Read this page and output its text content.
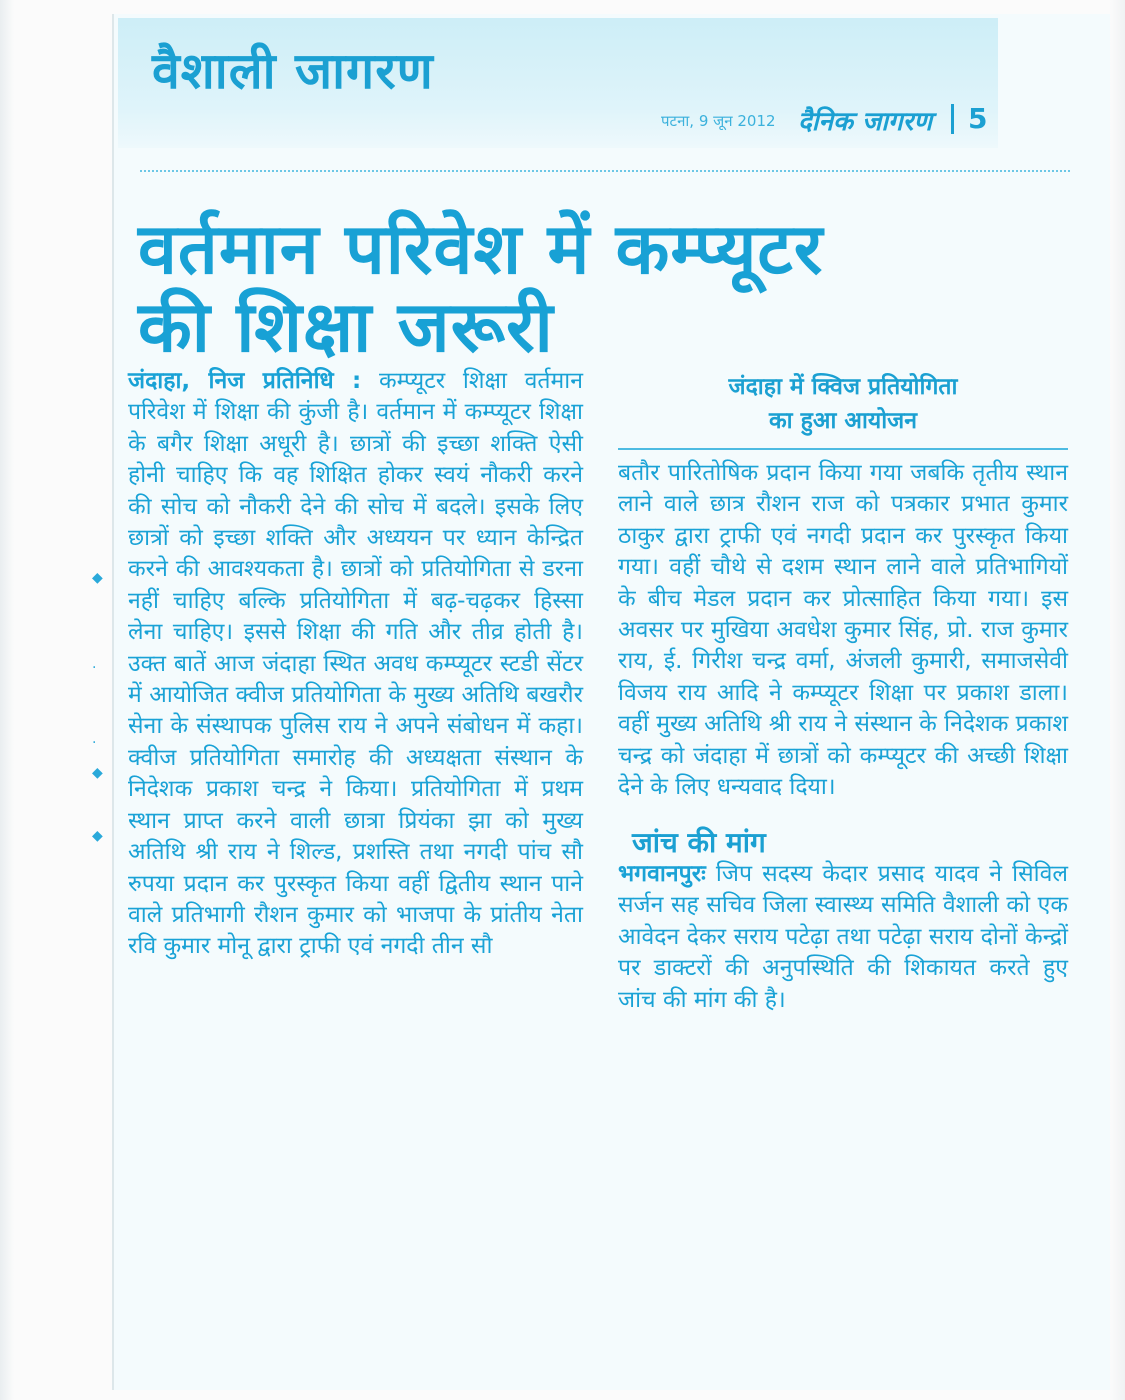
वैशाली जागरण
पटना, 9 जून 2012 दैनिक जागरण 5
◆
·
·
◆
◆
वर्तमान परिवेश में कम्प्यूटर
की शिक्षा जरूरी
जंदाहा, निज प्रतिनिधि : कम्प्यूटर शिक्षा वर्तमान परिवेश में शिक्षा की कुंजी है। वर्तमान में कम्प्यूटर शिक्षा के बगैर शिक्षा अधूरी है। छात्रों की इच्छा शक्ति ऐसी होनी चाहिए कि वह शिक्षित होकर स्वयं नौकरी करने की सोच को नौकरी देने की सोच में बदले। इसके लिए छात्रों को इच्छा शक्ति और अध्ययन पर ध्यान केन्द्रित करने की आवश्यकता है। छात्रों को प्रतियोगिता से डरना नहीं चाहिए बल्कि प्रतियोगिता में बढ़-चढ़कर हिस्सा लेना चाहिए। इससे शिक्षा की गति और तीव्र होती है। उक्त बातें आज जंदाहा स्थित अवध कम्प्यूटर स्टडी सेंटर में आयोजित क्वीज प्रतियोगिता के मुख्य अतिथि बखरौर सेना के संस्थापक पुलिस राय ने अपने संबोधन में कहा। क्वीज प्रतियोगिता समारोह की अध्यक्षता संस्थान के निदेशक प्रकाश चन्द्र ने किया। प्रतियोगिता में प्रथम स्थान प्राप्त करने वाली छात्रा प्रियंका झा को मुख्य अतिथि श्री राय ने शिल्ड, प्रशस्ति तथा नगदी पांच सौ रुपया प्रदान कर पुरस्कृत किया वहीं द्वितीय स्थान पाने वाले प्रतिभागी रौशन कुमार को भाजपा के प्रांतीय नेता रवि कुमार मोनू द्वारा ट्राफी एवं नगदी तीन सौ
जंदाहा में क्विज प्रतियोगिता
का हुआ आयोजन
बतौर पारितोषिक प्रदान किया गया जबकि तृतीय स्थान लाने वाले छात्र रौशन राज को पत्रकार प्रभात कुमार ठाकुर द्वारा ट्राफी एवं नगदी प्रदान कर पुरस्कृत किया गया। वहीं चौथे से दशम स्थान लाने वाले प्रतिभागियों के बीच मेडल प्रदान कर प्रोत्साहित किया गया। इस अवसर पर मुखिया अवधेश कुमार सिंह, प्रो. राज कुमार राय, ई. गिरीश चन्द्र वर्मा, अंजली कुमारी, समाजसेवी विजय राय आदि ने कम्प्यूटर शिक्षा पर प्रकाश डाला। वहीं मुख्य अतिथि श्री राय ने संस्थान के निदेशक प्रकाश चन्द्र को जंदाहा में छात्रों को कम्प्यूटर की अच्छी शिक्षा देने के लिए धन्यवाद दिया।
जांच की मांग
भगवानपुरः जिप सदस्य केदार प्रसाद यादव ने सिविल सर्जन सह सचिव जिला स्वास्थ्य समिति वैशाली को एक आवेदन देकर सराय पटेढ़ा तथा पटेढ़ा सराय दोनों केन्द्रों पर डाक्टरों की अनुपस्थिति की शिकायत करते हुए जांच की मांग की है।
